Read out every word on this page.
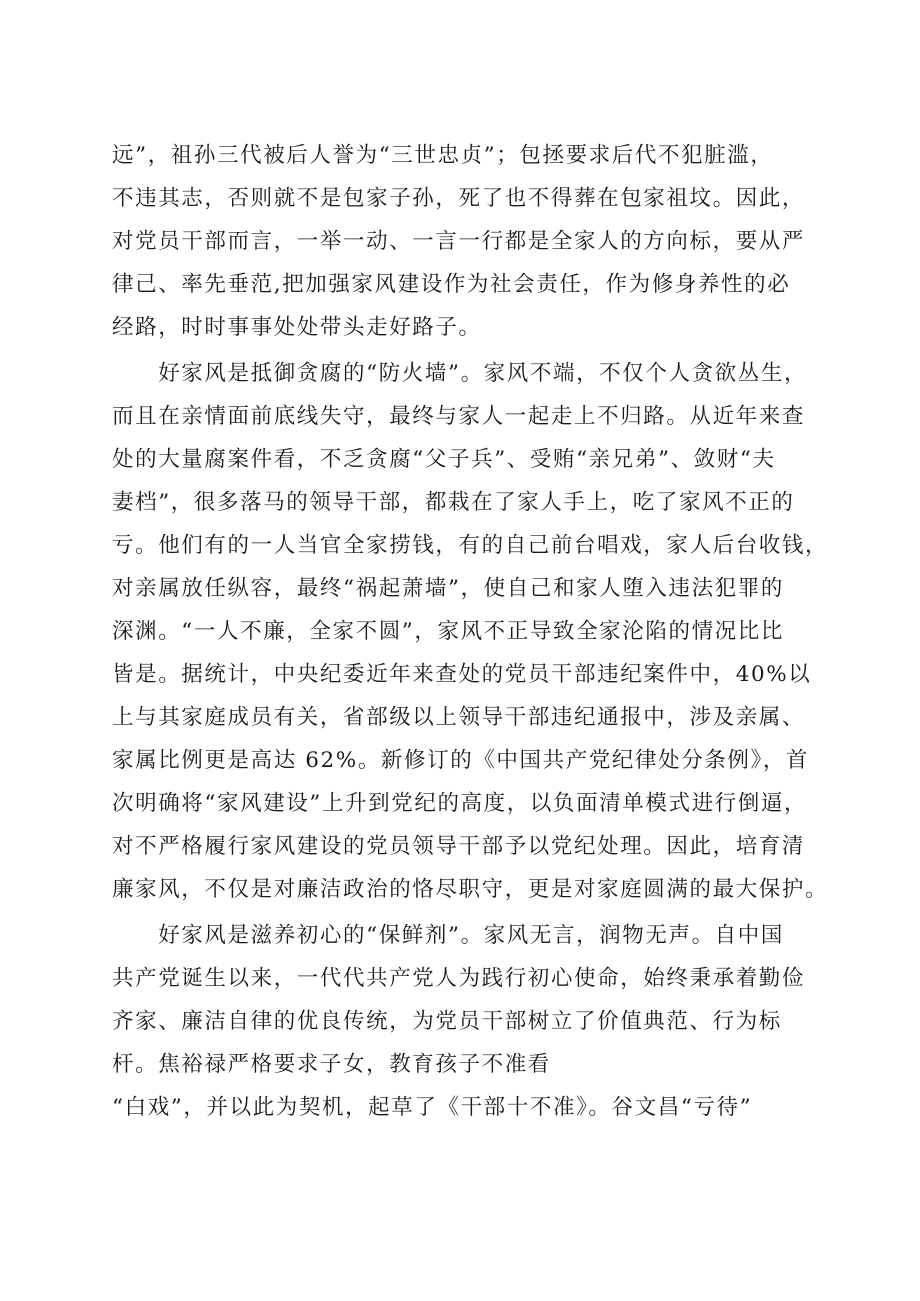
远”，祖孙三代被后人誉为“三世忠贞”；包拯要求后代不犯脏滥，
不违其志，否则就不是包家子孙，死了也不得葬在包家祖坟。因此，
对党员干部而言，一举一动、一言一行都是全家人的方向标，要从严
律己、率先垂范,把加强家风建设作为社会责任，作为修身养性的必
经路，时时事事处处带头走好路子。
　　好家风是抵御贪腐的“防火墙”。家风不端，不仅个人贪欲丛生，
而且在亲情面前底线失守，最终与家人一起走上不归路。从近年来查
处的大量腐案件看，不乏贪腐“父子兵”、受贿“亲兄弟”、敛财“夫
妻档”，很多落马的领导干部，都栽在了家人手上，吃了家风不正的
亏。他们有的一人当官全家捞钱，有的自己前台唱戏，家人后台收钱，
对亲属放任纵容，最终“祸起萧墙”，使自己和家人堕入违法犯罪的
深渊。“一人不廉，全家不圆”，家风不正导致全家沦陷的情况比比
皆是。据统计，中央纪委近年来查处的党员干部违纪案件中，40%以
上与其家庭成员有关，省部级以上领导干部违纪通报中，涉及亲属、
家属比例更是高达 62%。新修订的《中国共产党纪律处分条例》，首
次明确将“家风建设”上升到党纪的高度，以负面清单模式进行倒逼，
对不严格履行家风建设的党员领导干部予以党纪处理。因此，培育清
廉家风，不仅是对廉洁政治的恪尽职守，更是对家庭圆满的最大保护。
　　好家风是滋养初心的“保鲜剂”。家风无言，润物无声。自中国
共产党诞生以来，一代代共产党人为践行初心使命，始终秉承着勤俭
齐家、廉洁自律的优良传统，为党员干部树立了价值典范、行为标
杆。焦裕禄严格要求子女，教育孩子不准看
“白戏”，并以此为契机，起草了《干部十不准》。谷文昌“亏待”
